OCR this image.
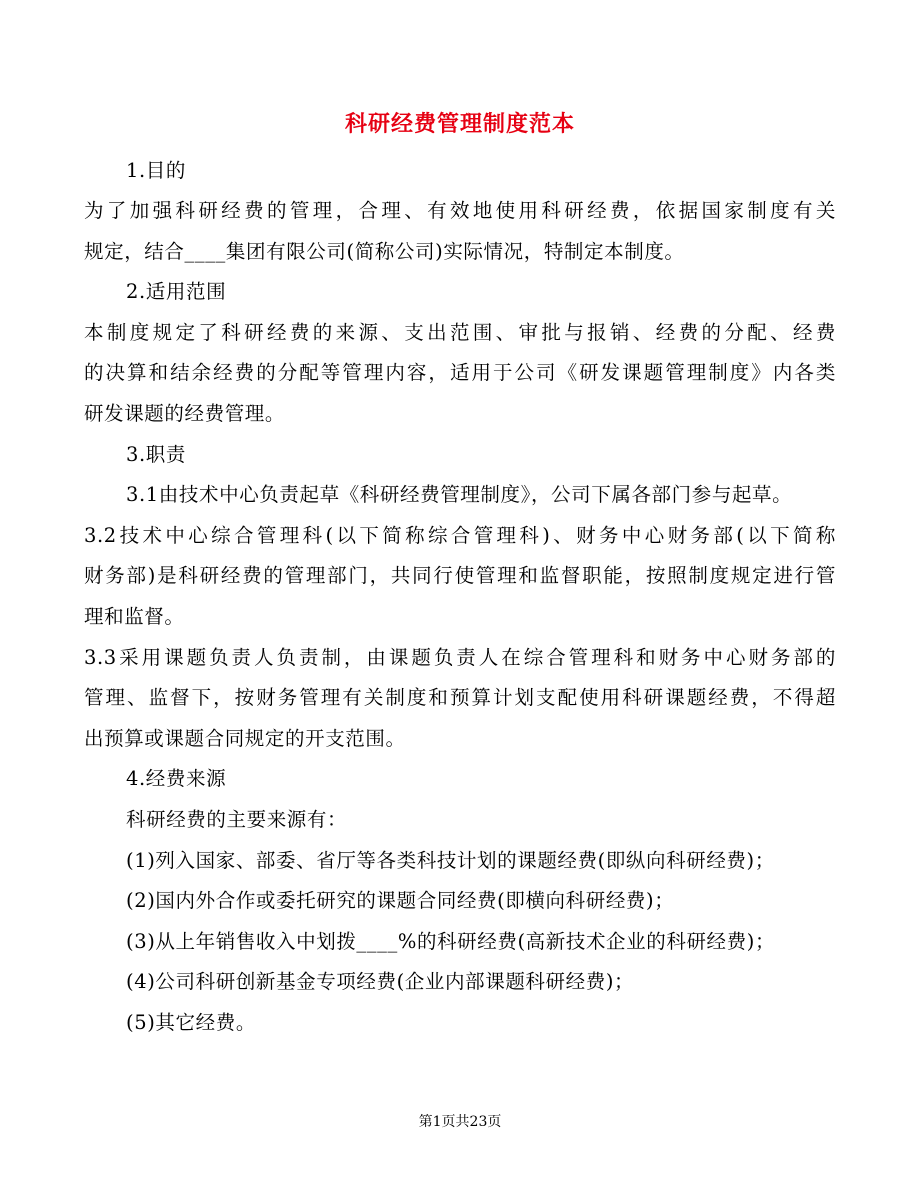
科研经费管理制度范本
1.目的
为了加强科研经费的管理，合理、有效地使用科研经费，依据国家制度有关
规定，结合____集团有限公司(简称公司)实际情况，特制定本制度。
2.适用范围
本制度规定了科研经费的来源、支出范围、审批与报销、经费的分配、经费
的决算和结余经费的分配等管理内容，适用于公司《研发课题管理制度》内各类
研发课题的经费管理。
3.职责
3.1由技术中心负责起草《科研经费管理制度》，公司下属各部门参与起草。
3.2技术中心综合管理科(以下简称综合管理科)、财务中心财务部(以下简称
财务部)是科研经费的管理部门，共同行使管理和监督职能，按照制度规定进行管
理和监督。
3.3采用课题负责人负责制，由课题负责人在综合管理科和财务中心财务部的
管理、监督下，按财务管理有关制度和预算计划支配使用科研课题经费，不得超
出预算或课题合同规定的开支范围。
4.经费来源
科研经费的主要来源有：
(1)列入国家、部委、省厅等各类科技计划的课题经费(即纵向科研经费)；
(2)国内外合作或委托研究的课题合同经费(即横向科研经费)；
(3)从上年销售收入中划拨____%的科研经费(高新技术企业的科研经费)；
(4)公司科研创新基金专项经费(企业内部课题科研经费)；
(5)其它经费。
第1页共23页
